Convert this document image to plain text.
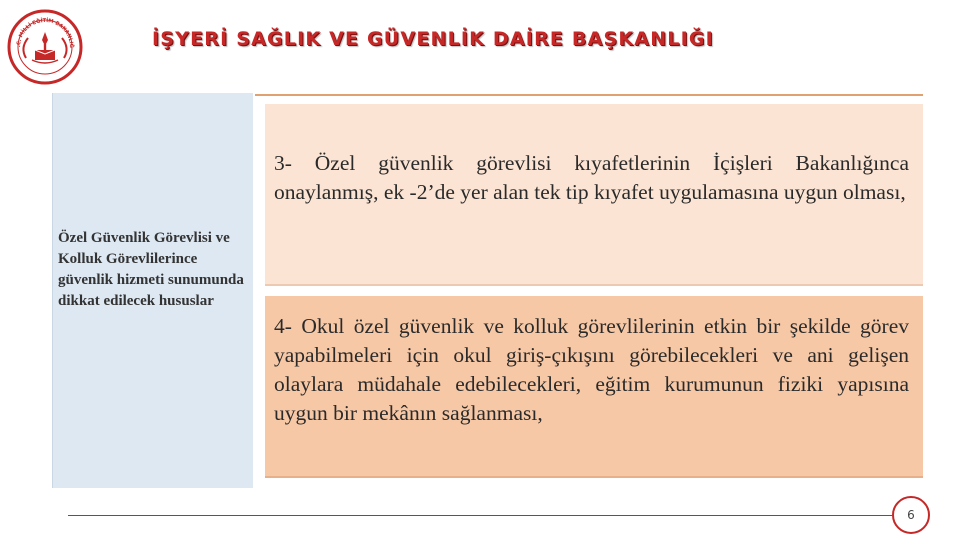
.C. MİLLİ EĞİTİM BAKANLIĞ	İŞYERİ SAĞLIK VE GÜVENLİK DAİRE BAŞKANLIĞI
Özel Güvenlik Görevlisi ve Kolluk Görevlilerince güvenlik hizmeti sunumunda dikkat edilecek hususlar
3- Özel güvenlik görevlisi kıyafetlerinin İçişleri Bakanlığınca onaylanmış, ek -2’de yer alan tek tip kıyafet uygulamasına uygun olması,
4- Okul özel güvenlik ve kolluk görevlilerinin etkin bir şekilde görev yapabilmeleri için okul giriş-çıkışını görebilecekleri ve ani gelişen olaylara müdahale edebilecekleri, eğitim kurumunun fiziki yapısına uygun bir mekânın sağlanması,
6
